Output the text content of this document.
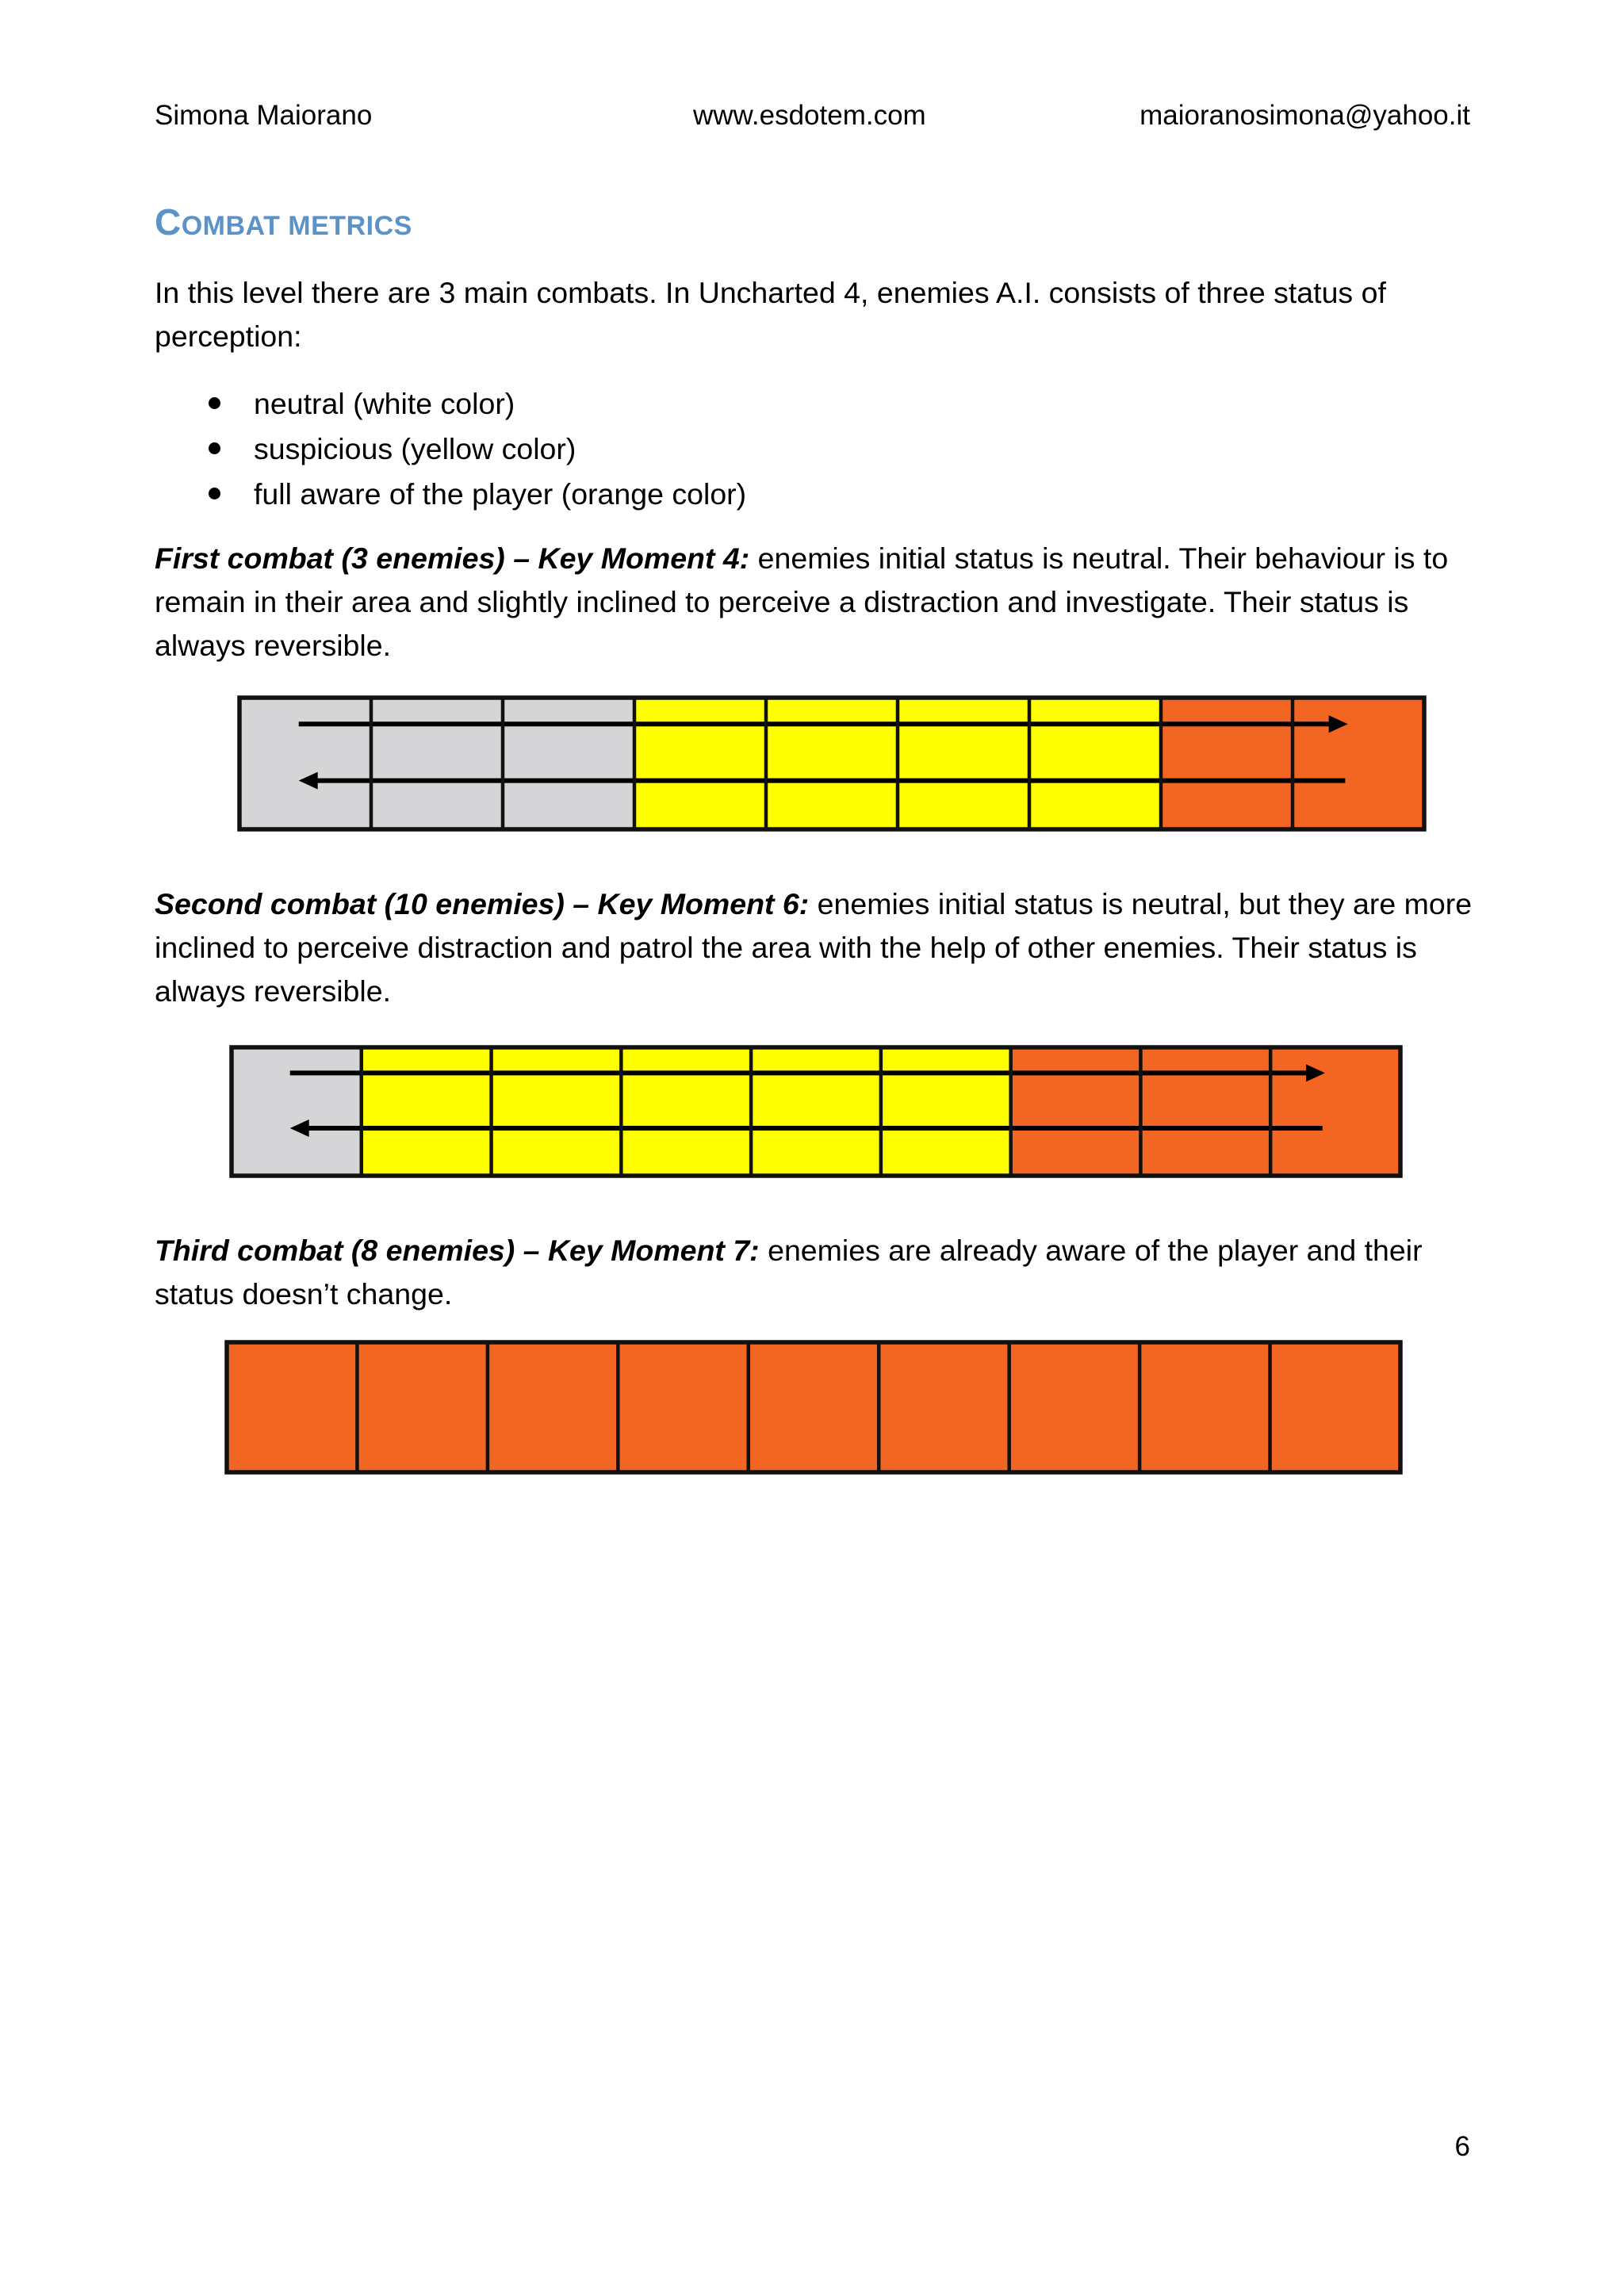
Simona Maiorano	www.esdotem.com	maioranosimona@yahoo.it
COMBAT METRICS
In this level there are 3 main combats. In Uncharted 4, enemies A.I. consists of three status of perception:
neutral (white color)
suspicious (yellow color)
full aware of the player (orange color)
First combat (3 enemies) – Key Moment 4: enemies initial status is neutral. Their behaviour is to remain in their area and slightly inclined to perceive a distraction and investigate. Their status is always reversible.
Second combat (10 enemies) – Key Moment 6: enemies initial status is neutral, but they are more inclined to perceive distraction and patrol the area with the help of other enemies. Their status is always reversible.
Third combat (8 enemies) – Key Moment 7: enemies are already aware of the player and their status doesn’t change.
6
